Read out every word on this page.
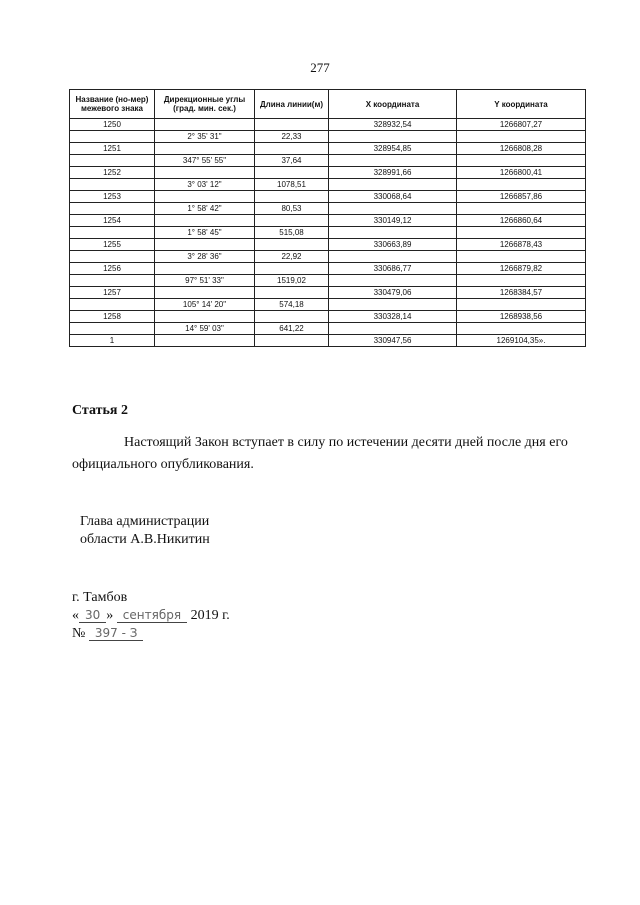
277
Название (но-мер) межевого знака	Дирекционные углы (град. мин. сек.)	Длина линии(м)	X координата	Y координата
1250			328932,54	1266807,27
	2° 35' 31"	22,33		
1251			328954,85	1266808,28
	347° 55' 55"	37,64		
1252			328991,66	1266800,41
	3° 03' 12"	1078,51		
1253			330068,64	1266857,86
	1° 58' 42"	80,53		
1254			330149,12	1266860,64
	1° 58' 45"	515,08		
1255			330663,89	1266878,43
	3° 28' 36"	22,92		
1256			330686,77	1266879,82
	97° 51' 33"	1519,02		
1257			330479,06	1268384,57
	105° 14' 20"	574,18		
1258			330328,14	1268938,56
	14° 59' 03"	641,22		
1			330947,56	1269104,35».
Статья 2
Настоящий Закон вступает в силу по истечении десяти дней после дня его официального опубликования.
Глава администрации
области А.В.Никитин
г. Тамбов
« 30 » сентября 2019 г.
№ 397 - З
